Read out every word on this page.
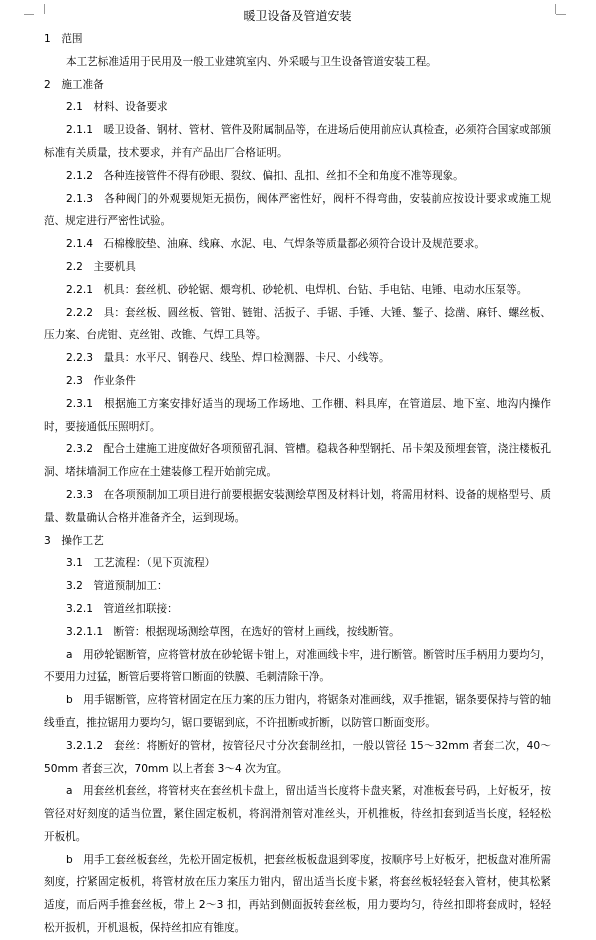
暖卫设备及管道安装

1　范围

本工艺标准适用于民用及一般工业建筑室内、外采暖与卫生设备管道安装工程。

2　施工准备

2.1　材料、设备要求

2.1.1　暖卫设备、钢材、管材、管件及附属制品等，在进场后使用前应认真检查，必须符合国家或部颁标准有关质量，技术要求，并有产品出厂合格证明。

2.1.2　各种连接管件不得有砂眼、裂纹、偏扣、乱扣、丝扣不全和角度不准等现象。

2.1.3　各种阀门的外观要规矩无损伤，阀体严密性好，阀杆不得弯曲，安装前应按设计要求或施工规范、规定进行严密性试验。

2.1.4　石棉橡胶垫、油麻、线麻、水泥、电、气焊条等质量都必须符合设计及规范要求。

2.2　主要机具

2.2.1　机具：套丝机、砂轮锯、煨弯机、砂轮机、电焊机、台钻、手电钻、电锤、电动水压泵等。

2.2.2　具：套丝板、圆丝板、管钳、链钳、活扳子、手锯、手锤、大锤、錾子、捻凿、麻钎、螺丝板、压力案、台虎钳、克丝钳、改锥、气焊工具等。

2.2.3　量具：水平尺、钢卷尺、线坠、焊口检测器、卡尺、小线等。

2.3　作业条件

2.3.1　根据施工方案安排好适当的现场工作场地、工作棚、料具库，在管道层、地下室、地沟内操作时，要接通低压照明灯。

2.3.2　配合土建施工进度做好各项预留孔洞、管槽。稳栽各种型钢托、吊卡架及预埋套管，浇注楼板孔洞、堵抹墙洞工作应在土建装修工程开始前完成。

2.3.3　在各项预制加工项目进行前要根据安装测绘草图及材料计划，将需用材料、设备的规格型号、质量、数量确认合格并准备齐全，运到现场。

3　操作工艺

3.1　工艺流程：（见下页流程）

3.2　管道预制加工：

3.2.1　管道丝扣联接：

3.2.1.1　断管：根据现场测绘草图，在选好的管材上画线，按线断管。

a　用砂轮锯断管，应将管材放在砂轮锯卡钳上，对准画线卡牢，进行断管。断管时压手柄用力要均匀，不要用力过猛，断管后要将管口断面的铁膜、毛刺清除干净。

b　用手锯断管，应将管材固定在压力案的压力钳内，将锯条对准画线，双手推锯，锯条要保持与管的轴线垂直，推拉锯用力要均匀，锯口要锯到底，不许扭断或折断，以防管口断面变形。

3.2.1.2　套丝：将断好的管材，按管径尺寸分次套制丝扣，一般以管径 15～32mm 者套二次，40～50mm 者套三次，70mm 以上者套 3～4 次为宜。

a　用套丝机套丝，将管材夹在套丝机卡盘上，留出适当长度将卡盘夹紧，对准板套号码，上好板牙，按管径对好刻度的适当位置，紧住固定板机，将润滑剂管对准丝头，开机推板，待丝扣套到适当长度，轻轻松开板机。

b　用手工套丝板套丝，先松开固定板机，把套丝板板盘退到零度，按顺序号上好板牙，把板盘对准所需刻度，拧紧固定板机，将管材放在压力案压力钳内，留出适当长度卡紧，将套丝板轻轻套入管材，使其松紧适度，而后两手推套丝板，带上 2～3 扣，再站到侧面扳转套丝板，用力要均匀，待丝扣即将套成时，轻轻松开扳机，开机退板，保持丝扣应有锥度。
